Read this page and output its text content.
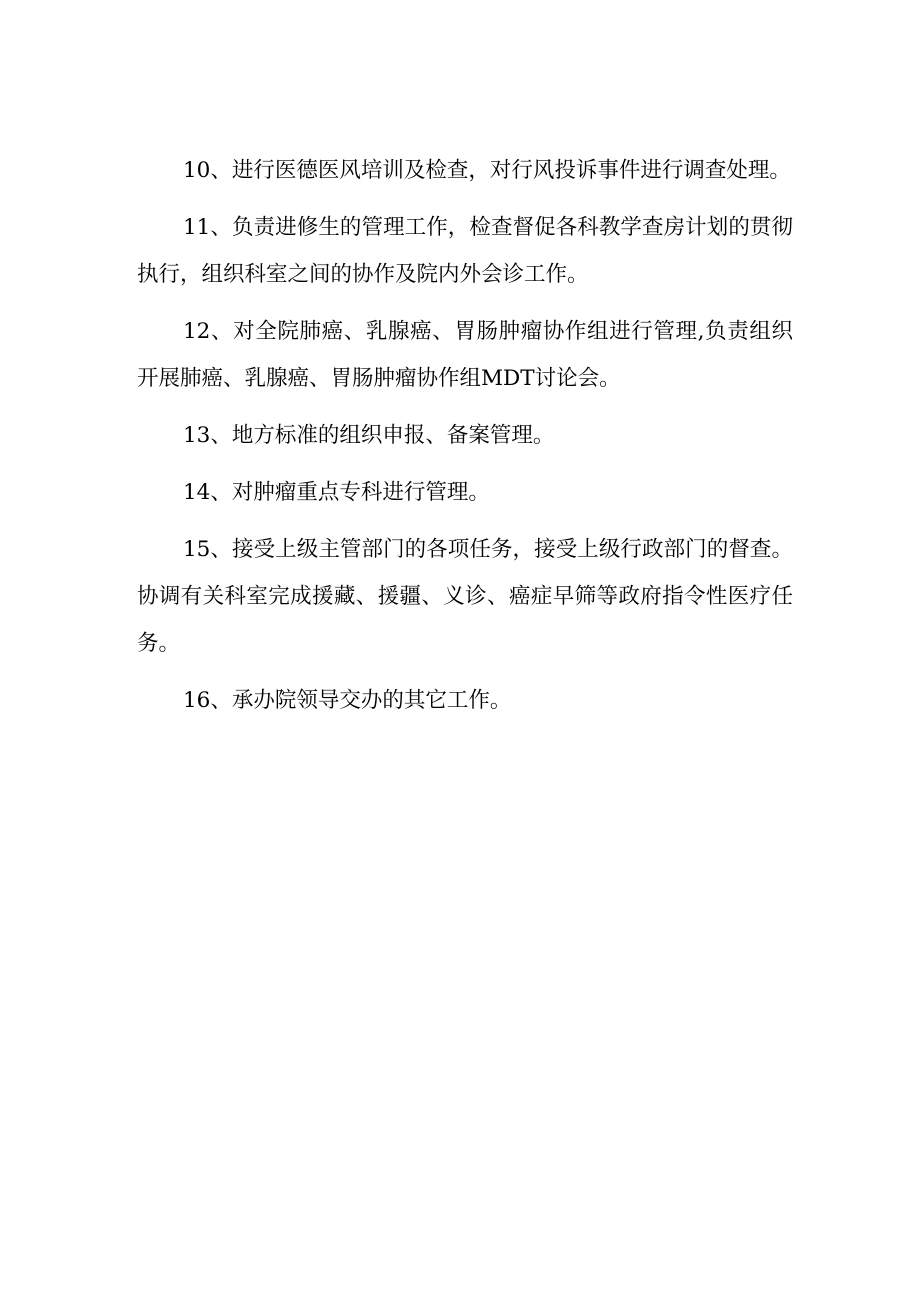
10、进行医德医风培训及检查，对行风投诉事件进行调查处理。

11、负责进修生的管理工作，检查督促各科教学查房计划的贯彻执行，组织科室之间的协作及院内外会诊工作。

12、对全院肺癌、乳腺癌、胃肠肿瘤协作组进行管理,负责组织开展肺癌、乳腺癌、胃肠肿瘤协作组MDT讨论会。

13、地方标准的组织申报、备案管理。

14、对肿瘤重点专科进行管理。

15、接受上级主管部门的各项任务，接受上级行政部门的督查。协调有关科室完成援藏、援疆、义诊、癌症早筛等政府指令性医疗任务。

16、承办院领导交办的其它工作。
